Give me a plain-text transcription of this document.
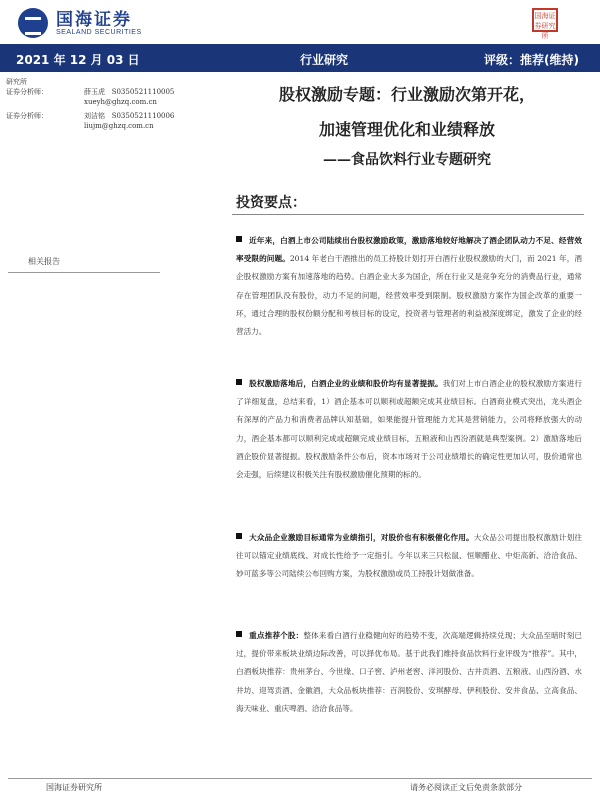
国海证券
SEALAND SECURITIES
国海证券研究所
2021 年 12 月 03 日	行业研究	评级：推荐(维持)
研究所
证券分析师：	薛玉虎
S0350521110005
xueyh@ghzq.com.cn
证券分析师：	刘洁铭
S0350521110006
liujm@ghzq.com.cn
相关报告
股权激励专题：行业激励次第开花，
加速管理优化和业绩释放
——食品饮料行业专题研究
投资要点：
近年来，白酒上市公司陆续出台股权激励政策，激励落地较好地解决了酒企团队动力不足、经营效率受限的问题。2014 年老白干酒推出的员工持股计划打开白酒行业股权激励的大门，而 2021 年，酒企股权激励方案有加速落地的趋势。白酒企业大多为国企，所在行业又是竞争充分的消费品行业，通常存在管理团队没有股份，动力不足的问题，经营效率受到限制。股权激励方案作为国企改革的重要一环，通过合理的股权份额分配和考核目标的设定，投资者与管理者的利益被深度绑定，激发了企业的经营活力。
股权激励落地后，白酒企业的业绩和股价均有显著提振。我们对上市白酒企业的股权激励方案进行了详细复盘，总结来看，1）酒企基本可以顺利或超额完成其业绩目标。白酒商业模式突出，龙头酒企有深厚的产品力和消费者品牌认知基础，如果能提升管理能力尤其是营销能力，公司将释放强大的动力，酒企基本都可以顺利完成或超额完成业绩目标，五粮液和山西汾酒就是典型案例。2）激励落地后酒企股价显著提振。股权激励条件公布后，资本市场对于公司业绩增长的确定性更加认可，股价通常也会走强，后续建议积极关注有股权激励催化预期的标的。
大众品企业激励目标通常为业绩指引，对股价也有积极催化作用。大众品公司提出股权激励计划往往可以锚定业绩底线、对成长性给予一定指引。今年以来三只松鼠、恒顺醋业、中炬高新、洽洽食品、妙可蓝多等公司陆续公布回购方案，为股权激励或员工持股计划做准备。
重点推荐个股：整体来看白酒行业稳健向好的趋势不变，次高端逻辑持续兑现；大众品至暗时刻已过，提价带来板块业绩边际改善，可以择优布局。基于此我们维持食品饮料行业评级为“推荐”。其中，白酒板块推荐：贵州茅台、今世缘、口子窖、泸州老窖、洋河股份、古井贡酒、五粮液、山西汾酒、水井坊、迎驾贡酒、金徽酒，大众品板块推荐：百润股份、安琪酵母、伊利股份、安井食品、立高食品、海天味业、重庆啤酒、洽洽食品等。
国海证券研究所	请务必阅读正文后免责条款部分
